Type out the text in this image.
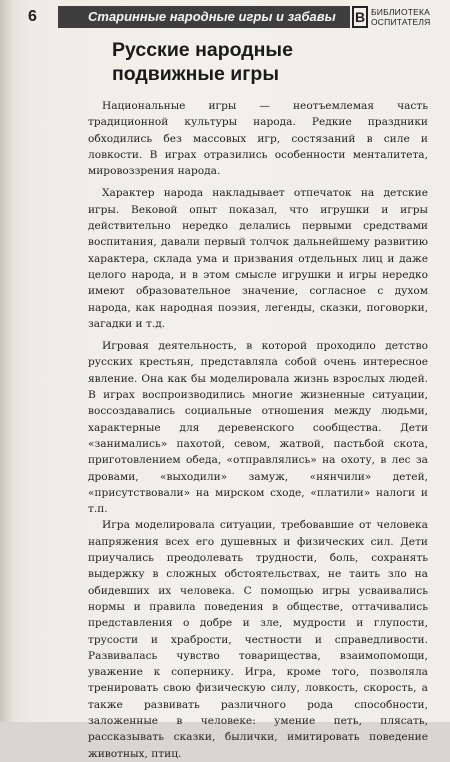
6	Старинные народные игры и забавы	В БИБЛИОТЕКА
ОСПИТАТЕЛЯ
Русские народные
подвижные игры

Национальные игры — неотъемлемая часть традиционной культуры народа. Редкие праздники обходились без массовых игр, состязаний в силе и ловкости. В играх отразились особенности менталитета, мировоззрения народа.

Характер народа накладывает отпечаток на детские игры. Вековой опыт показал, что игрушки и игры действительно нередко делались первыми средствами воспитания, давали первый толчок дальнейшему развитию характера, склада ума и призвания отдельных лиц и даже целого народа, и в этом смысле игрушки и игры нередко имеют образовательное значение, согласное с духом народа, как народная поэзия, легенды, сказки, поговорки, загадки и т.д.

Игровая деятельность, в которой проходило детство русских крестьян, представляла собой очень интересное явление. Она как бы моделировала жизнь взрослых людей. В играх воспроизводились многие жизненные ситуации, воссоздавались социальные отношения между людьми, характерные для деревенского сообщества. Дети «занимались» пахотой, севом, жатвой, пастьбой скота, приготовлением обеда, «отправлялись» на охоту, в лес за дровами, «выходили» замуж, «нянчили» детей, «присутствовали» на мирском сходе, «платили» налоги и т.п.

Игра моделировала ситуации, требовавшие от человека напряжения всех его душевных и физических сил. Дети приучались преодолевать трудности, боль, сохранять выдержку в сложных обстоятельствах, не таить зло на обидевших их человека. С помощью игры усваивались нормы и правила поведения в обществе, оттачивались представления о добре и зле, мудрости и глупости, трусости и храбрости, честности и справедливости. Развивалась чувство товарищества, взаимопомощи, уважение к сопернику. Игра, кроме того, позволяла тренировать свою физическую силу, ловкость, скорость, а также развивать различного рода способности, заложенные в человеке: умение петь, плясать, рассказывать сказки, былички, имитировать поведение животных, птиц.
